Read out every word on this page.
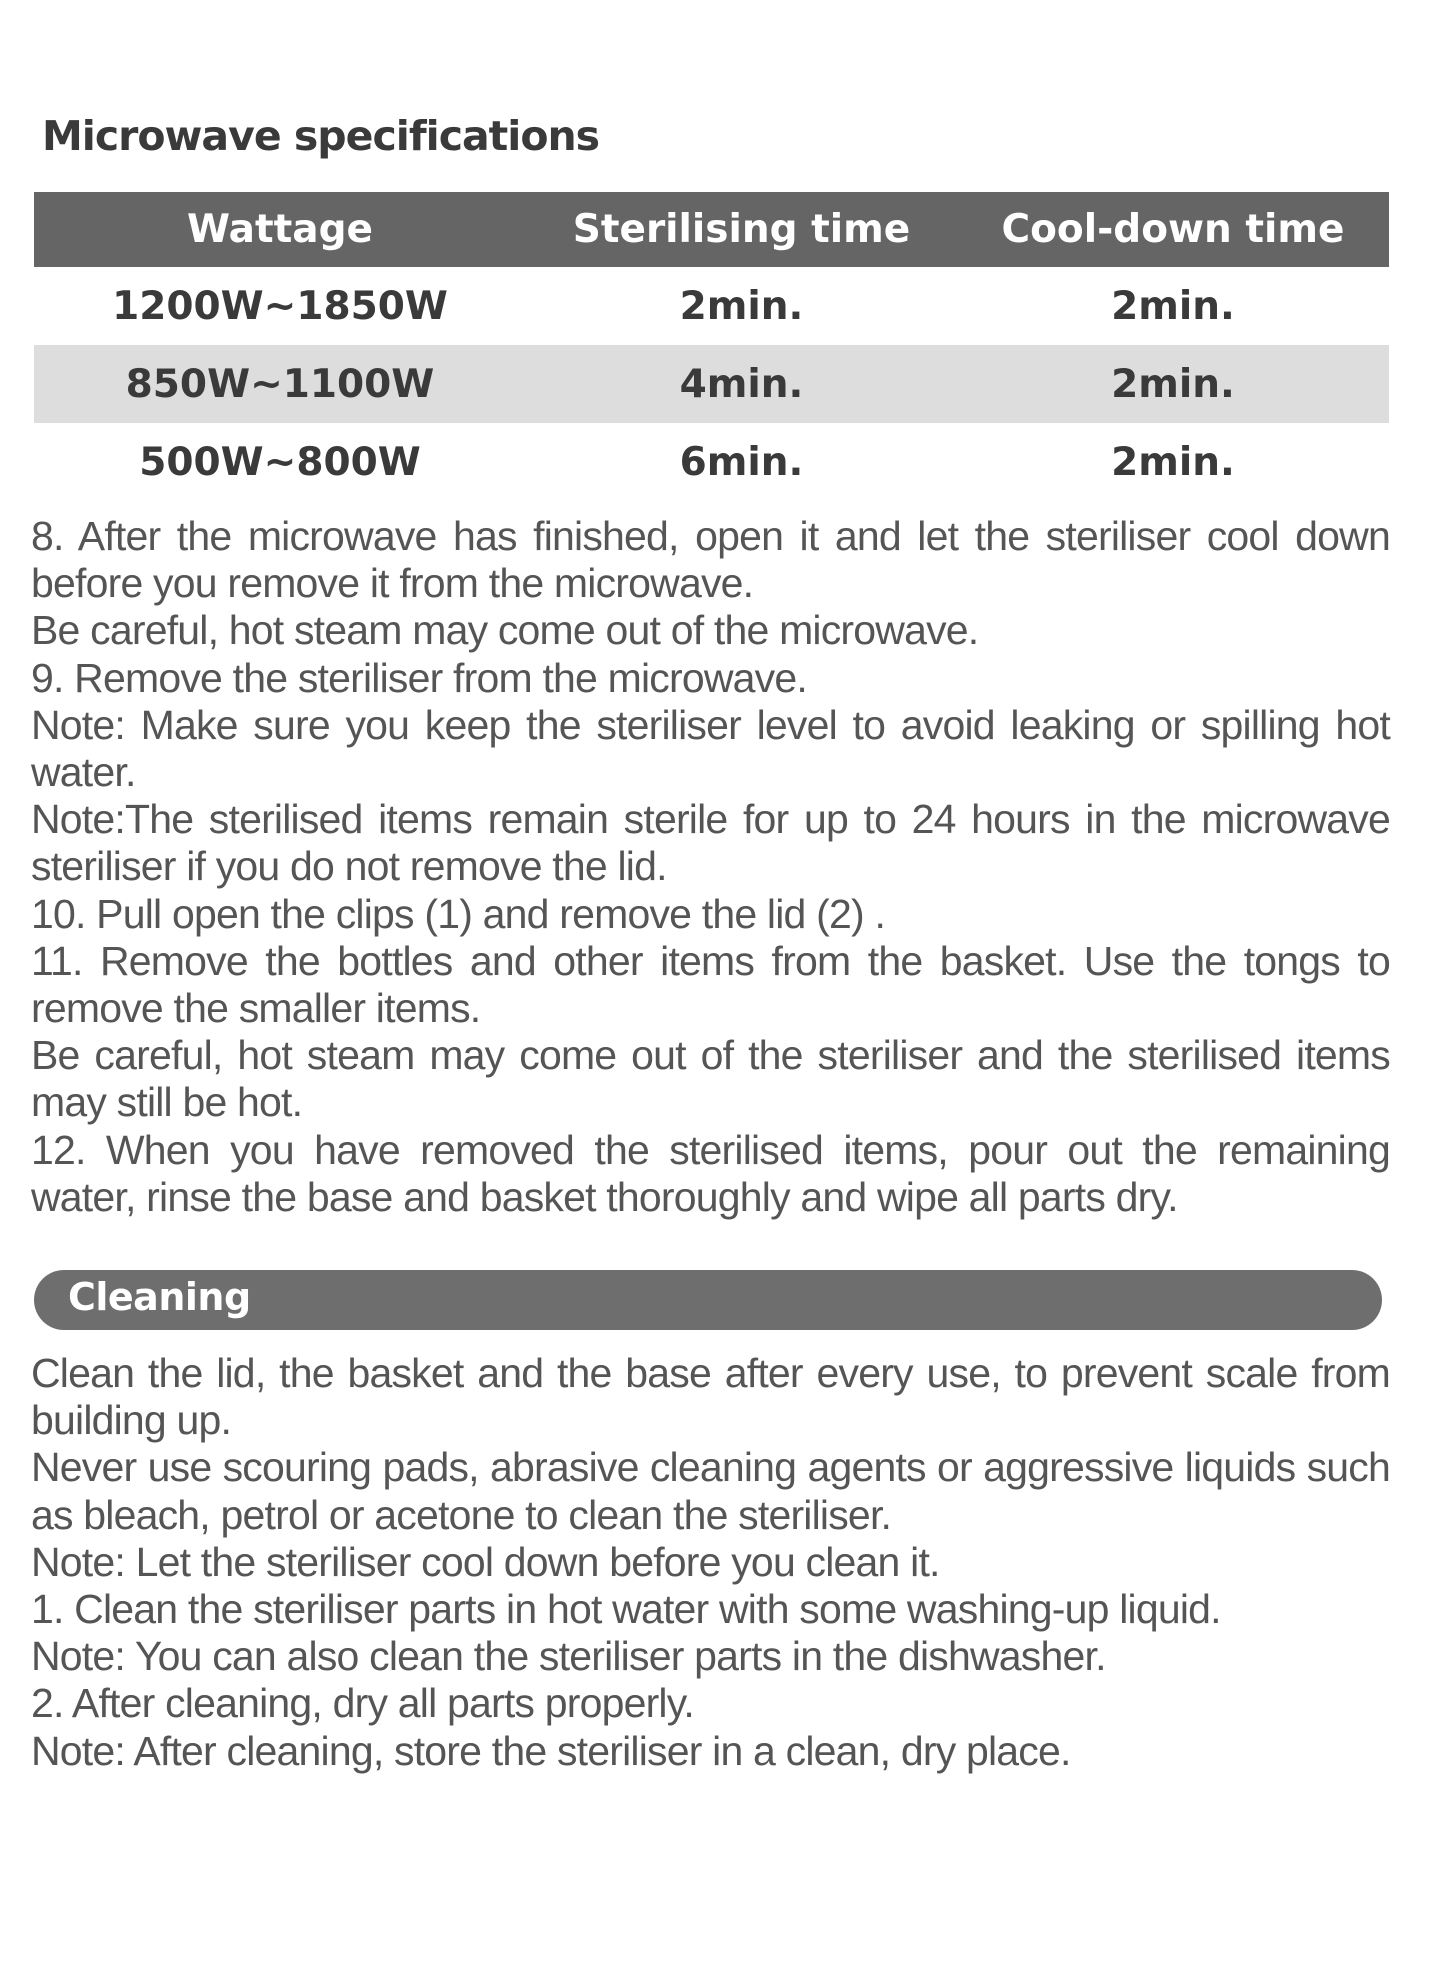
Microwave specifications
Wattage	Sterilising time	Cool-down time
1200W~1850W	2min.	2min.
850W~1100W	4min.	2min.
500W~800W	6min.	2min.

8. After the microwave has finished, open it and let the steriliser cool down before you remove it from the microwave.

Be careful, hot steam may come out of the microwave.

9. Remove the steriliser from the microwave.

Note: Make sure you keep the steriliser level to avoid leaking or spilling hot water.

Note:The sterilised items remain sterile for up to 24 hours in the microwave steriliser if you do not remove the lid.

10. Pull open the clips (1) and remove the lid (2) .

11. Remove the bottles and other items from the basket. Use the tongs to remove the smaller items.

Be careful, hot steam may come out of the steriliser and the sterilised items may still be hot.

12. When you have removed the sterilised items, pour out the remaining water, rinse the base and basket thoroughly and wipe all parts dry.

Cleaning

Clean the lid, the basket and the base after every use, to prevent scale from building up.

Never use scouring pads, abrasive cleaning agents or aggressive liquids such as bleach, petrol or acetone to clean the steriliser.

Note: Let the steriliser cool down before you clean it.

1. Clean the steriliser parts in hot water with some washing-up liquid.

Note: You can also clean the steriliser parts in the dishwasher.

2. After cleaning, dry all parts properly.

Note: After cleaning, store the steriliser in a clean, dry place.
